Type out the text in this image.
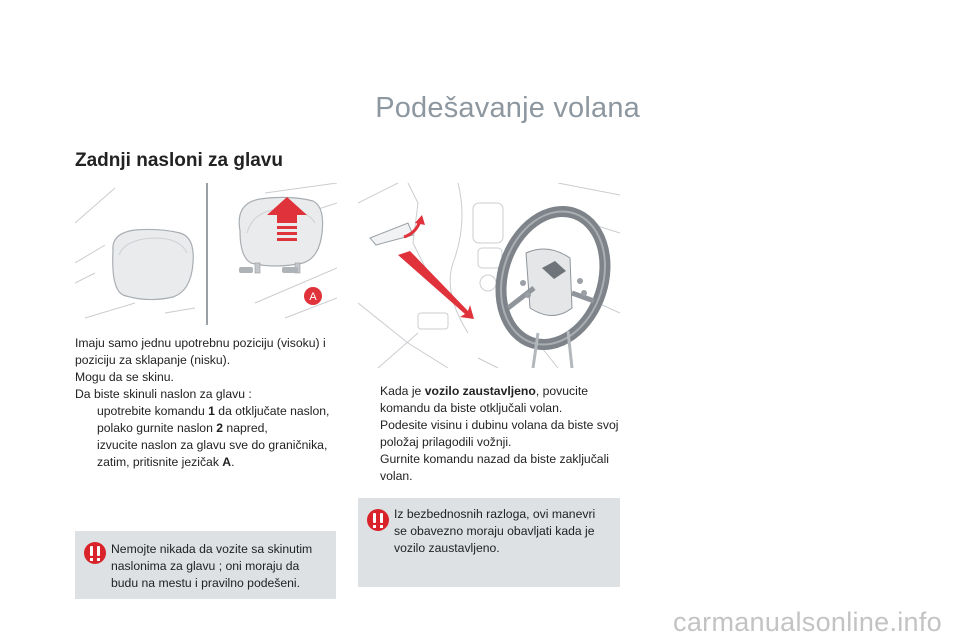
Podešavanje volana
Zadnji nasloni za glavu
A

Imaju samo jednu upotrebnu poziciju (visoku) i poziciju za sklapanje (nisku).

Mogu da se skinu.

Da biste skinuli naslon za glavu :

upotrebite komandu 1 da otključate naslon,
polako gurnite naslon 2 napred,
izvucite naslon za glavu sve do graničnika,
zatim, pritisnite jezičak A.
Kada je vozilo zaustavljeno, povucite komandu da biste otključali volan.
Podesite visinu i dubinu volana da biste svoj položaj prilagodili vožnji.
Gurnite komandu nazad da biste zaključali volan.
Nemojte nikada da vozite sa skinutim naslonima za glavu ; oni moraju da budu na mestu i pravilno podešeni.
Iz bezbednosnih razloga, ovi manevri se obavezno moraju obavljati kada je vozilo zaustavljeno.
carmanualsonline.info
